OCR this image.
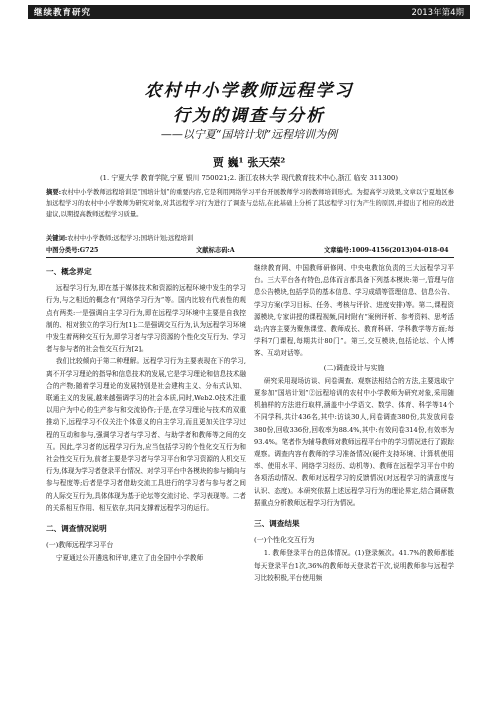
继续教育研究	2013年第4期
农村中小学教师远程学习
行为的调查与分析
——以宁夏“国培计划”远程培训为例
贾 巍¹ 张天荣²
(1. 宁夏大学 教育学院,宁夏 银川 750021;2. 浙江农林大学 现代教育技术中心,浙江 临安 311300)
摘要:农村中小学教师远程培训是“国培计划”的重要内容,它是利用网络学习平台开展教师学习的教师培训形式。为提高学习效果,文章以宁夏地区参加远程学习的农村中小学教师为研究对象,对其远程学习行为进行了调查与总结,在此基础上分析了其远程学习行为产生的原因,并提出了相应的改进建议,以期提高教师远程学习质量。
关键词:农村中小学教师;远程学习;国培计划;远程培训
中图分类号:G725	文献标志码:A	文章编号:1009-4156(2013)04-018-04
一、概念界定

远程学习行为,即在基于媒体技术和资源的远程环境中发生的学习行为,与之相近的概念有“网络学习行为”等。国内比较有代表性的观点有两类:一是强调自主学习行为,即在远程学习环境中主要是自我控制的、相对独立的学习行为[1];二是强调交互行为,认为远程学习环境中发生着两种交互行为,即学习者与学习资源的个性化交互行为、学习者与参与者的社会性交互行为[2]。

我们比较倾向于第二种理解。远程学习行为主要表现在下的学习,离不开学习理论的指导和信息技术的发展,它是学习理论和信息技术融合的产物;随着学习理论的发展特别是社会建构主义、分布式认知、联通主义的发展,越来越强调学习的社会本质,同时,Web2.0技术注重以用户为中心的生产参与和交流协作;于是,在学习理论与技术的双重推动下,远程学习不仅关注个体意义的自主学习,而且更加关注学习过程的互动和参与,强调学习者与学习者、与助学者和教师等之间的交互。因此,学习者的远程学习行为,应当包括学习的个性化交互行为和社会性交互行为,前者主要是学习者与学习平台和学习资源的人机交互行为,体现为学习者登录平台情况、对学习平台中各模块的参与倾向与参与程度等;后者是学习者借助交流工具进行的学习者与参与者之间的人际交互行为,具体体现为基于论坛等交流讨论、学习表现等。二者的关系相互作用、相互依存,共同支撑着远程学习的运行。

二、调查情况说明
(一)教师远程学习平台

宁夏通过公开遴选和评审,建立了由全国中小学教师

继续教育网、中国教师研修网、中央电教馆负责的三大远程学习平台。三大平台各有特色,总体而言都具备下列基本模块:第一,管理与信息公告模块,包括学员的基本信息、学习成绩等管理信息、信息公告、学习方案(学习目标、任务、考核与评价、进度安排)等。第二,课程资源模块,专家讲授的课程视频,同时附有“案例评析、参考资料、思考活动;内容主要为聚焦课堂、教师成长、教育科研、学科教学等方面;每学科7门课程,每期共计80门”。第三,交互模块,包括论坛、个人博客、互动对话等。

(二)调查设计与实施

研究采用现场访谈、问卷调查、观察法相结合的方法,主要选取宁夏参加“国培计划”②远程培训的农村中小学教师为研究对象,采用随机抽样的方法进行取样,涵盖中小学语文、数学、体育、科学等14个不同学科,共计436名,其中:访谈30人,问卷调查380份,共发放问卷380份,回收336份,回收率为88.4%,其中:有效问卷314份,有效率为93.4%。笔者作为辅导教师对教师远程平台中的学习情况进行了跟踪观察。调查内容有教师的学习准备情况(硬件支持环境、计算机使用率、使用水平、网络学习经历、动机等)、教师在远程学习平台中的各项活动情况、教师对远程学习的反馈情况(对远程学习的满意度与认识、态度)。本研究依据上述远程学习行为的理论界定,结合调研数据重点分析教师远程学习行为情况。

三、调查结果
(一)个性化交互行为

1. 教师登录平台的总体情况。(1)登录频次。41.7%的教师都能每天登录平台1次,36%的教师每天登录若干次,说明教师参与远程学习比较积极,平台使用频
